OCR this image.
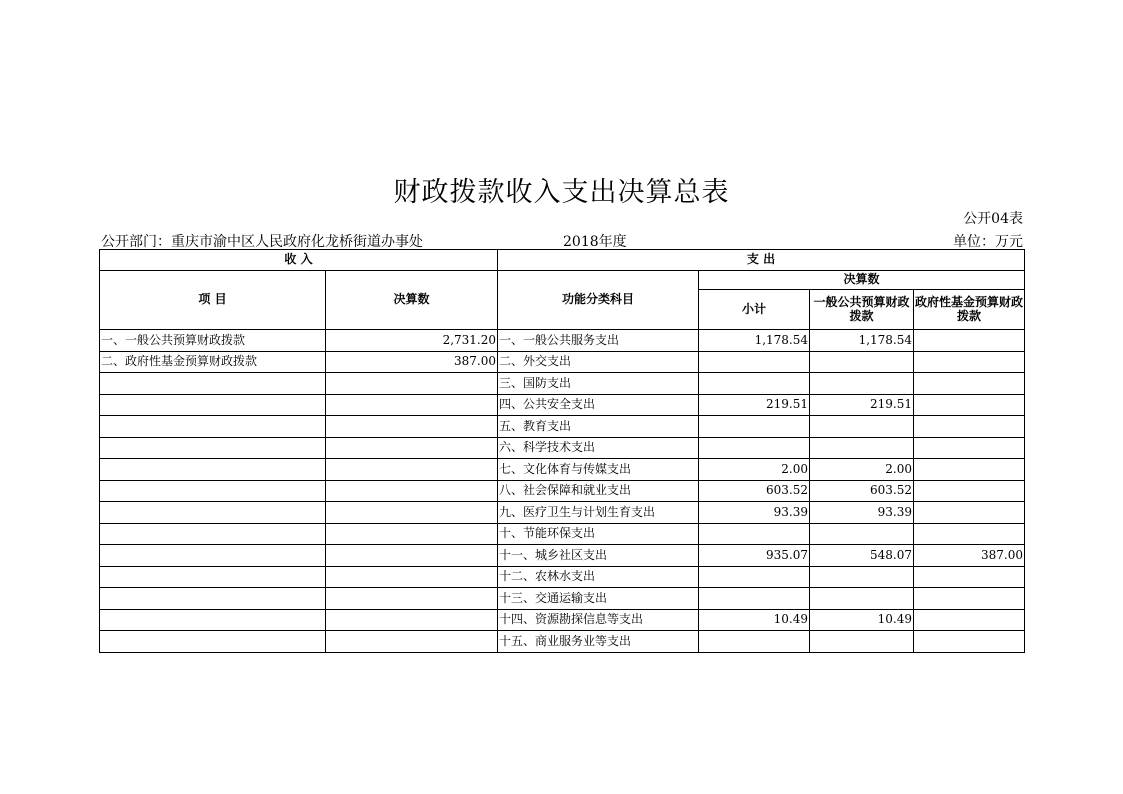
财政拨款收入支出决算总表
公开04表
公开部门：重庆市渝中区人民政府化龙桥街道办事处	2018年度	单位：万元
收 入		支 出			
项 目	决算数	功能分类科目	决算数		
			小计	一般公共预算财政拨款	政府性基金预算财政拨款
一、一般公共预算财政拨款	2,731.20	一、一般公共服务支出	1,178.54	1,178.54	
二、政府性基金预算财政拨款	387.00	二、外交支出			
		三、国防支出			
		四、公共安全支出	219.51	219.51	
		五、教育支出			
		六、科学技术支出			
		七、文化体育与传媒支出	2.00	2.00	
		八、社会保障和就业支出	603.52	603.52	
		九、医疗卫生与计划生育支出	93.39	93.39	
		十、节能环保支出			
		十一、城乡社区支出	935.07	548.07	387.00
		十二、农林水支出			
		十三、交通运输支出			
		十四、资源勘探信息等支出	10.49	10.49	
		十五、商业服务业等支出			
